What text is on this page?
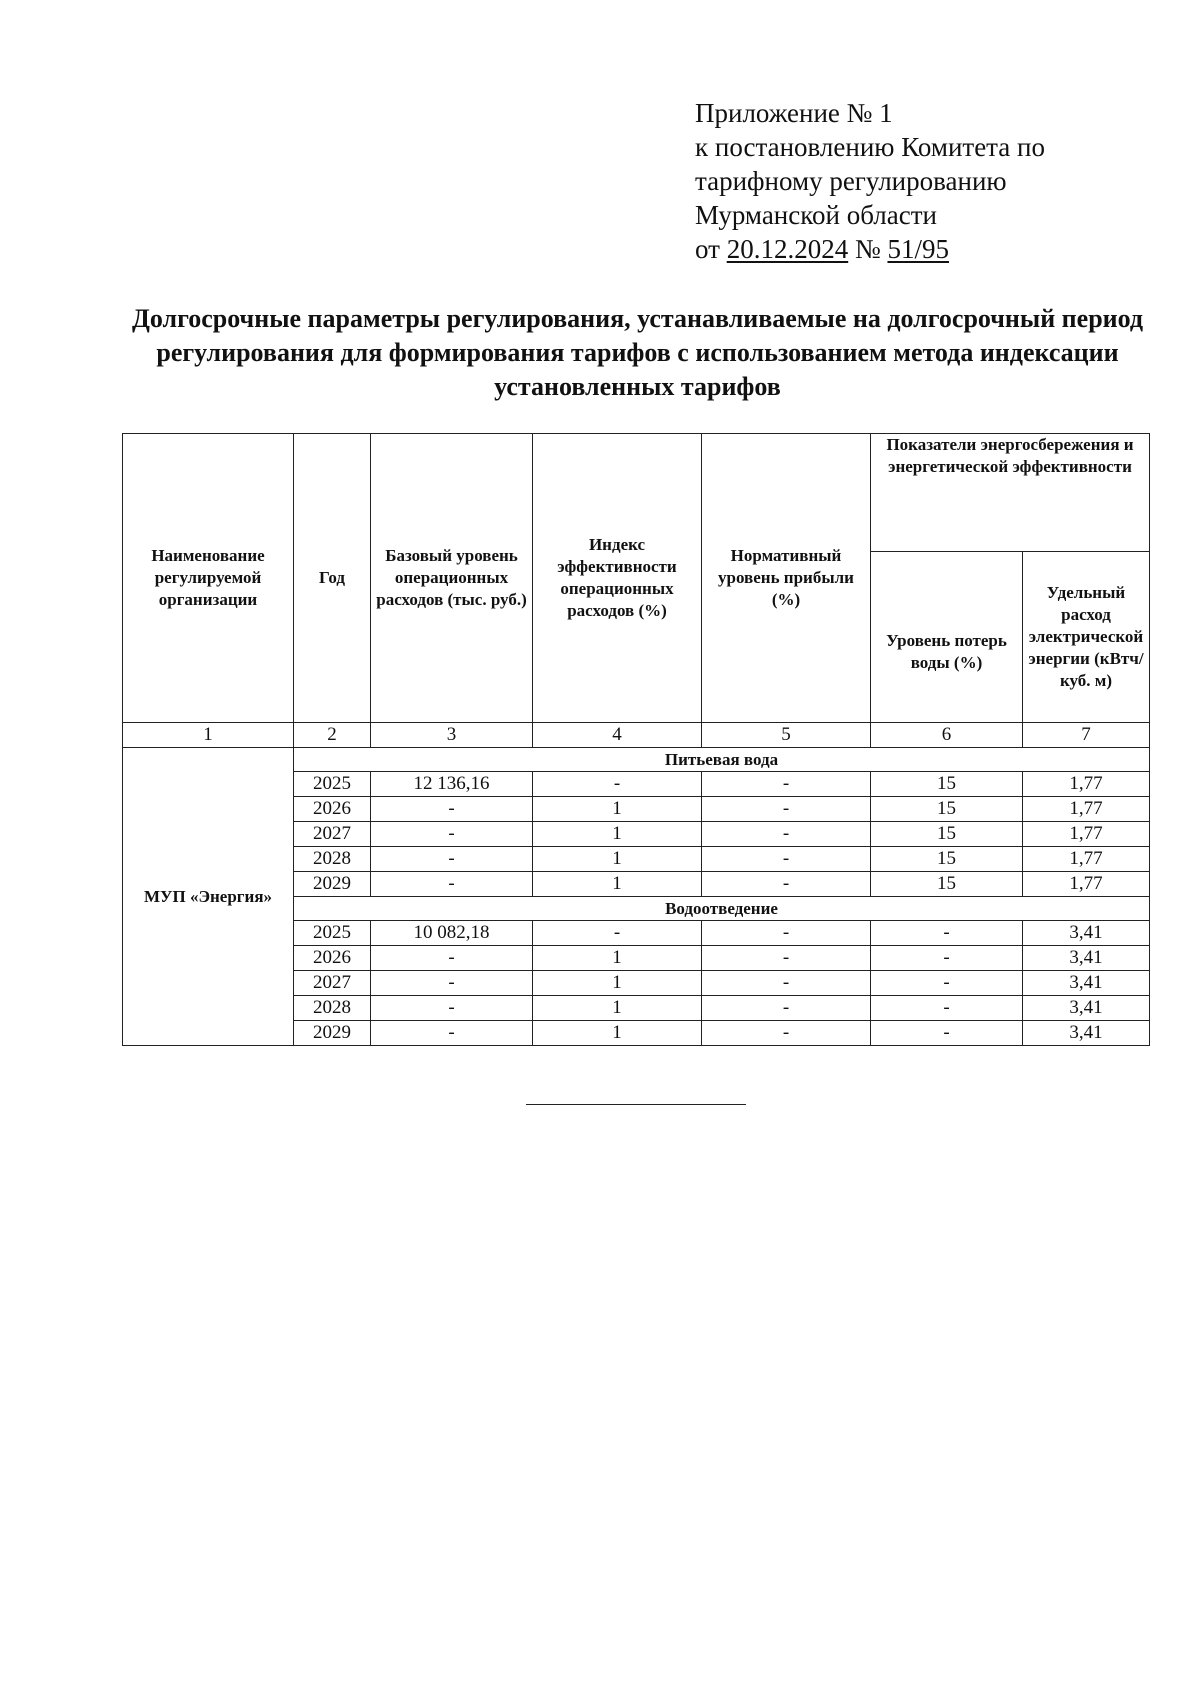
Приложение № 1
к постановлению Комитета по
тарифному регулированию
Мурманской области
от 20.12.2024 № 51/95
Долгосрочные параметры регулирования, устанавливаемые на долгосрочный период регулирования для формирования тарифов с использованием метода индексации установленных тарифов
Наименование регулируемой организации	Год	Базовый уровень операционных расходов (тыс. руб.)	Индекс эффективности операционных расходов (%)	Нормативный уровень прибыли (%)	Показатели энергосбережения и энергетической эффективности	
					Уровень потерь воды (%)	Удельный расход электрической энергии (кВтч/куб. м)
1	2	3	4	5	6	7
МУП «Энергия»	Питьевая вода					
	2025	12 136,16	-	-	15	1,77
	2026	-	1	-	15	1,77
	2027	-	1	-	15	1,77
	2028	-	1	-	15	1,77
	2029	-	1	-	15	1,77
	Водоотведение					
	2025	10 082,18	-	-	-	3,41
	2026	-	1	-	-	3,41
	2027	-	1	-	-	3,41
	2028	-	1	-	-	3,41
	2029	-	1	-	-	3,41
